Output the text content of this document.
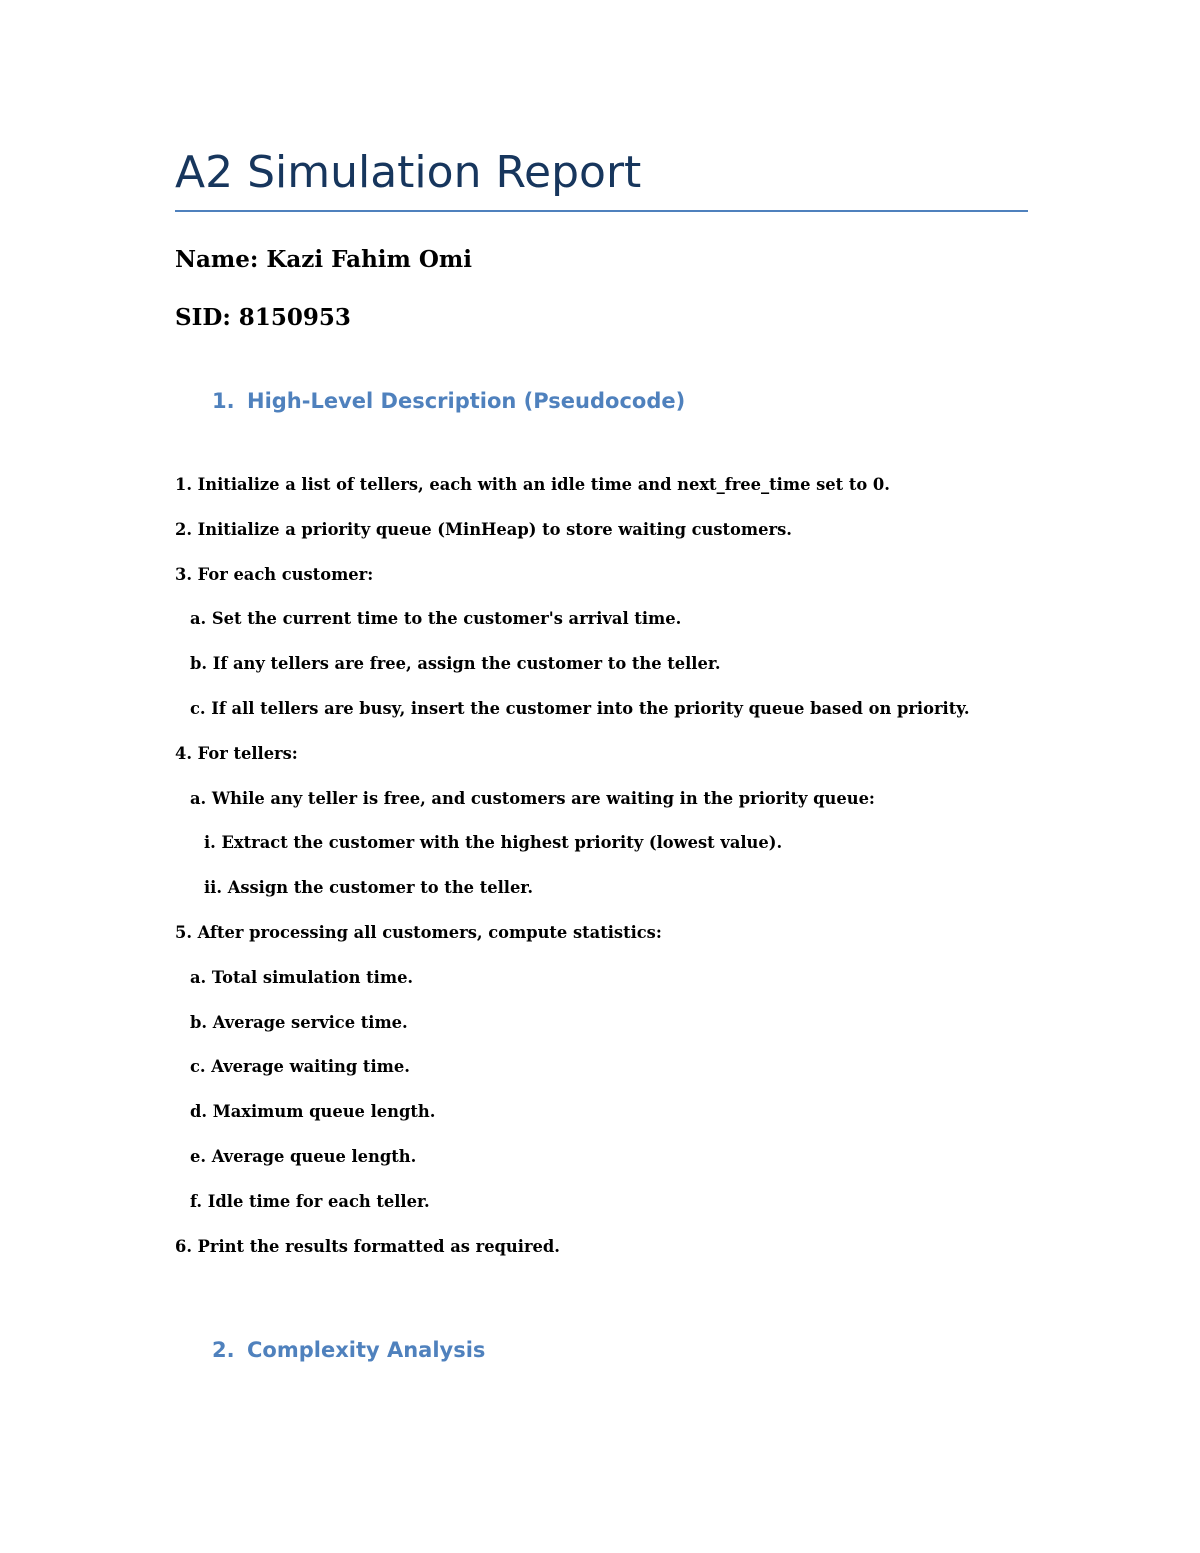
A2 Simulation Report

Name: Kazi Fahim Omi

SID: 8150953

1. High-Level Description (Pseudocode)

1. Initialize a list of tellers, each with an idle time and next_free_time set to 0.

2. Initialize a priority queue (MinHeap) to store waiting customers.

3. For each customer:

a. Set the current time to the customer's arrival time.

b. If any tellers are free, assign the customer to the teller.

c. If all tellers are busy, insert the customer into the priority queue based on priority.

4. For tellers:

a. While any teller is free, and customers are waiting in the priority queue:

i. Extract the customer with the highest priority (lowest value).

ii. Assign the customer to the teller.

5. After processing all customers, compute statistics:

a. Total simulation time.

b. Average service time.

c. Average waiting time.

d. Maximum queue length.

e. Average queue length.

f. Idle time for each teller.

6. Print the results formatted as required.

2. Complexity Analysis
